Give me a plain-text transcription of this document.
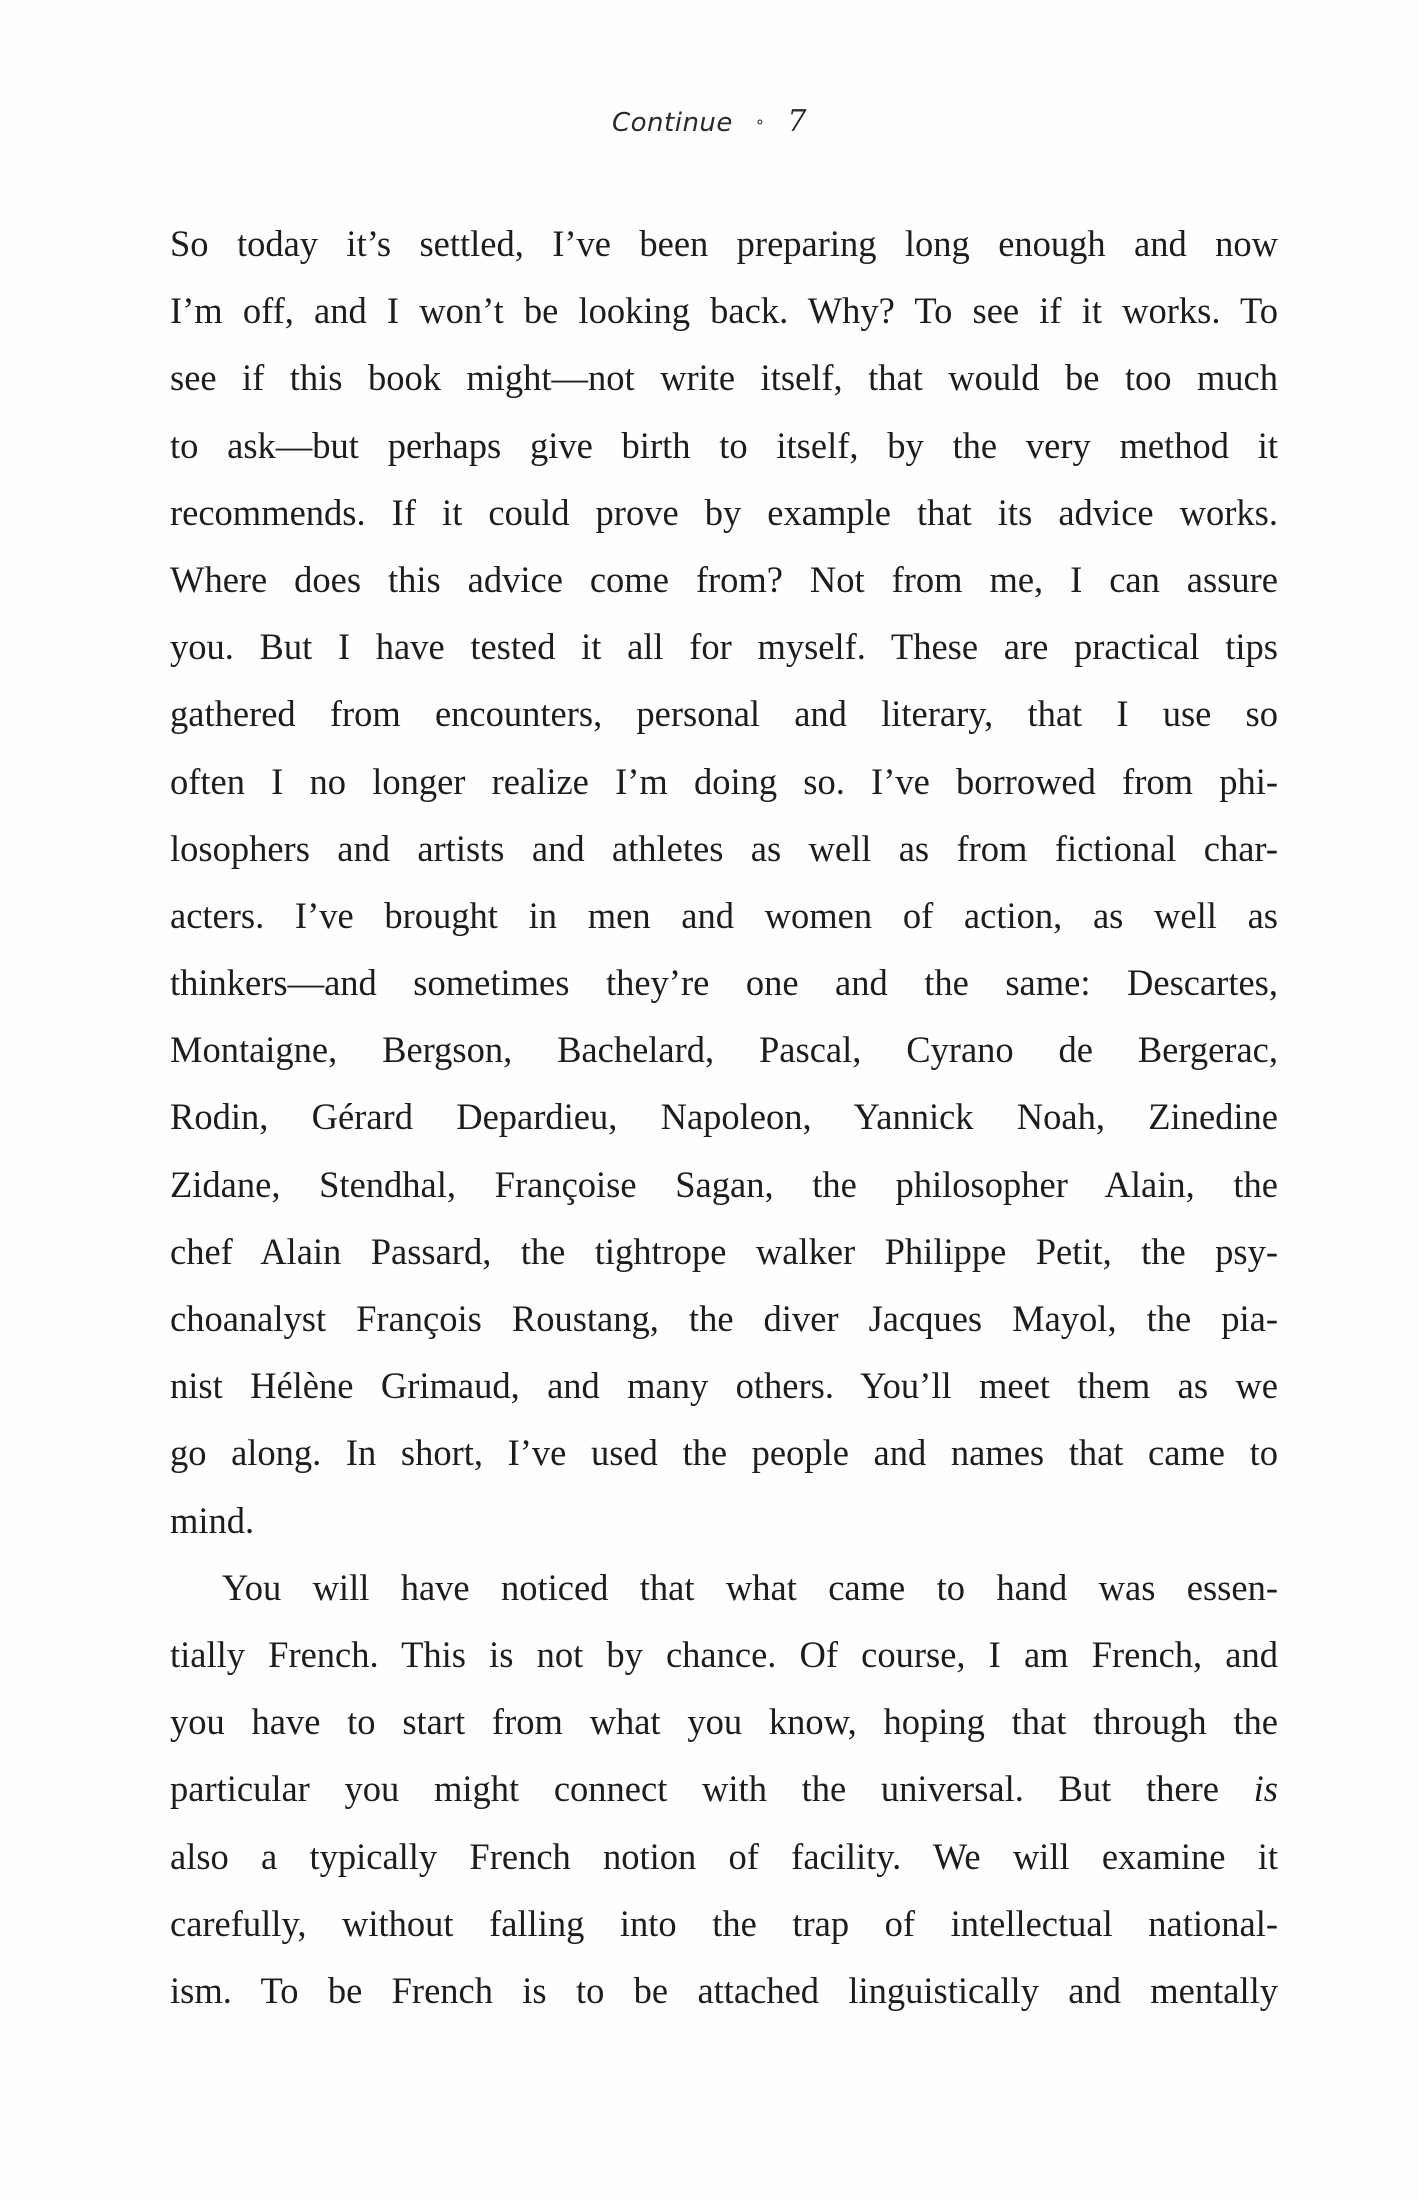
Continue ∘ 7
So today it’s settled, I’ve been preparing long enough and now
I’m off, and I won’t be looking back. Why? To see if it works. To
see if this book might—not write itself, that would be too much
to ask—but perhaps give birth to itself, by the very method it
recommends. If it could prove by example that its advice works.
Where does this advice come from? Not from me, I can assure
you. But I have tested it all for myself. These are practical tips
gathered from encounters, personal and literary, that I use so
often I no longer realize I’m doing so. I’ve borrowed from phi-
losophers and artists and athletes as well as from fictional char-
acters. I’ve brought in men and women of action, as well as
thinkers—and sometimes they’re one and the same: Descartes,
Montaigne, Bergson, Bachelard, Pascal, Cyrano de Bergerac,
Rodin, Gérard Depardieu, Napoleon, Yannick Noah, Zinedine
Zidane, Stendhal, Françoise Sagan, the philosopher Alain, the
chef Alain Passard, the tightrope walker Philippe Petit, the psy-
choanalyst François Roustang, the diver Jacques Mayol, the pia-
nist Hélène Grimaud, and many others. You’ll meet them as we
go along. In short, I’ve used the people and names that came to
mind.
You will have noticed that what came to hand was essen-
tially French. This is not by chance. Of course, I am French, and
you have to start from what you know, hoping that through the
particular you might connect with the universal. But there is
also a typically French notion of facility. We will examine it
carefully, without falling into the trap of intellectual national-
ism. To be French is to be attached linguistically and mentally
